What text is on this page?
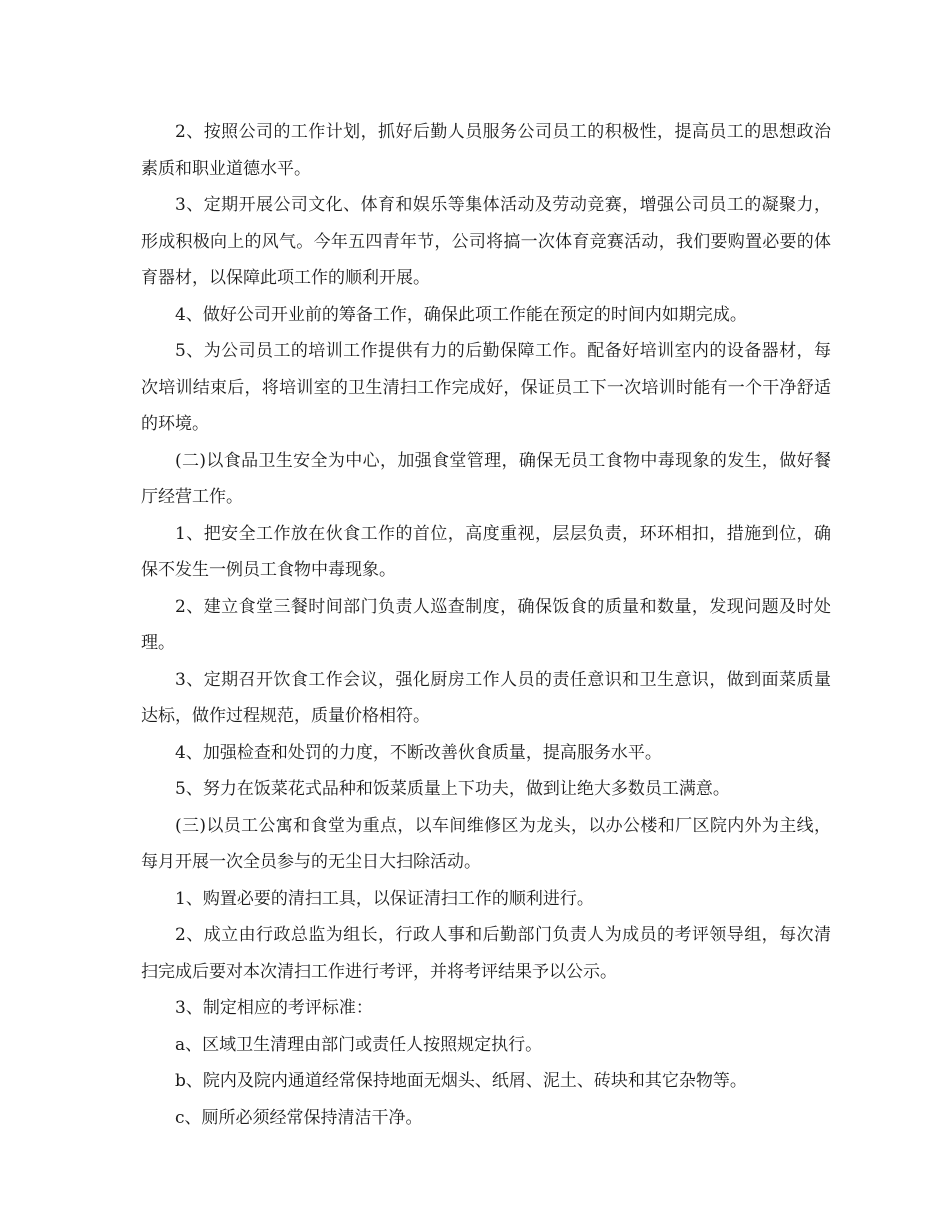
2、按照公司的工作计划，抓好后勤人员服务公司员工的积极性，提高员工的思想政治素质和职业道德水平。

3、定期开展公司文化、体育和娱乐等集体活动及劳动竞赛，增强公司员工的凝聚力，形成积极向上的风气。今年五四青年节，公司将搞一次体育竞赛活动，我们要购置必要的体育器材，以保障此项工作的顺利开展。

4、做好公司开业前的筹备工作，确保此项工作能在预定的时间内如期完成。

5、为公司员工的培训工作提供有力的后勤保障工作。配备好培训室内的设备器材，每次培训结束后，将培训室的卫生清扫工作完成好，保证员工下一次培训时能有一个干净舒适的环境。

(二)以食品卫生安全为中心，加强食堂管理，确保无员工食物中毒现象的发生，做好餐厅经营工作。

1、把安全工作放在伙食工作的首位，高度重视，层层负责，环环相扣，措施到位，确保不发生一例员工食物中毒现象。

2、建立食堂三餐时间部门负责人巡查制度，确保饭食的质量和数量，发现问题及时处理。

3、定期召开饮食工作会议，强化厨房工作人员的责任意识和卫生意识，做到面菜质量达标，做作过程规范，质量价格相符。

4、加强检查和处罚的力度，不断改善伙食质量，提高服务水平。

5、努力在饭菜花式品种和饭菜质量上下功夫，做到让绝大多数员工满意。

(三)以员工公寓和食堂为重点，以车间维修区为龙头，以办公楼和厂区院内外为主线，每月开展一次全员参与的无尘日大扫除活动。

1、购置必要的清扫工具，以保证清扫工作的顺利进行。

2、成立由行政总监为组长，行政人事和后勤部门负责人为成员的考评领导组，每次清扫完成后要对本次清扫工作进行考评，并将考评结果予以公示。

3、制定相应的考评标准：

a、区域卫生清理由部门或责任人按照规定执行。

b、院内及院内通道经常保持地面无烟头、纸屑、泥土、砖块和其它杂物等。

c、厕所必须经常保持清洁干净。
